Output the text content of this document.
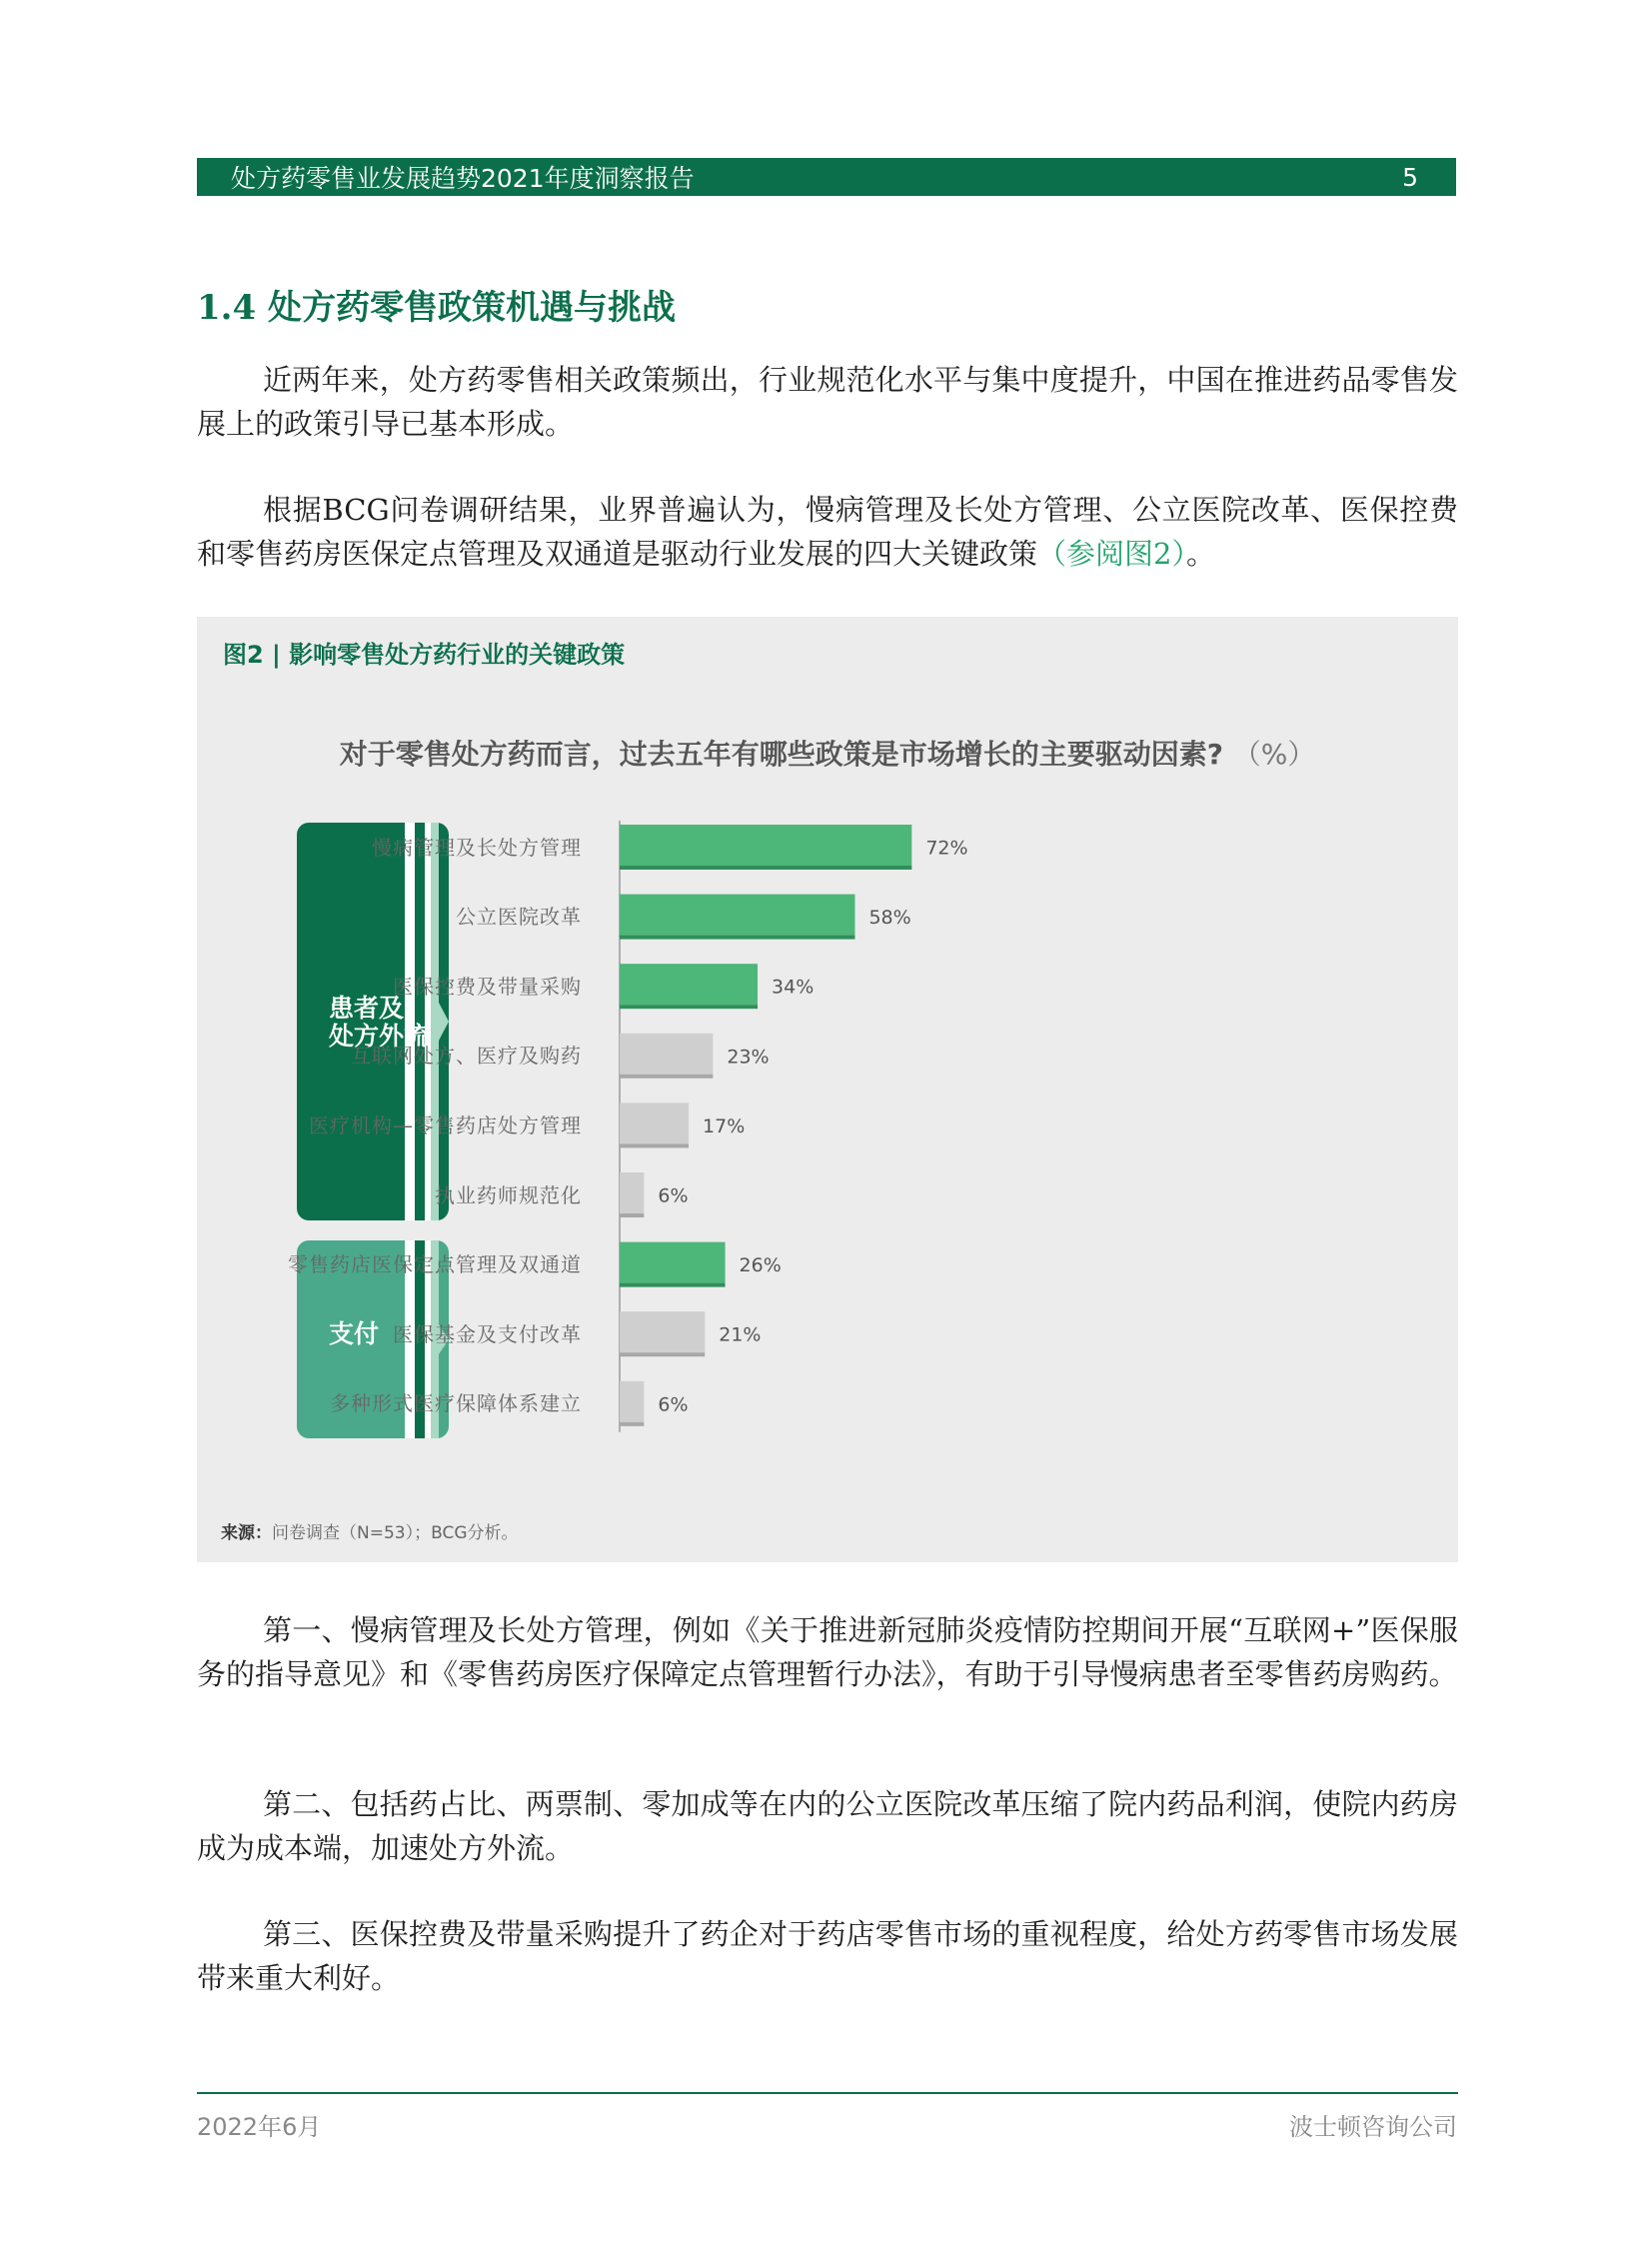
处方药零售业发展趋势2021年度洞察报告	5
1.4 处方药零售政策机遇与挑战

近两年来，处方药零售相关政策频出，行业规范化水平与集中度提升，中国在推进药品零售发展上的政策引导已基本形成。

根据BCG问卷调研结果，业界普遍认为，慢病管理及长处方管理、公立医院改革、医保控费和零售药房医保定点管理及双通道是驱动行业发展的四大关键政策（参阅图2）。

图2 | 影响零售处方药行业的关键政策
对于零售处方药而言，过去五年有哪些政策是市场增长的主要驱动因素? （%）
患者及
处方外流
支付
慢病管理及长处方管理
公立医院改革
医保控费及带量采购
互联网处方、医疗及购药
医疗机构—零售药店处方管理
执业药师规范化
零售药店医保定点管理及双通道
医保基金及支付改革
多种形式医疗保障体系建立
72%
58%
34%
23%
17%
6%
26%
21%
6%
来源：问卷调查（N=53）；BCG分析。

第一、慢病管理及长处方管理，例如《关于推进新冠肺炎疫情防控期间开展“互联网+”医保服务的指导意见》和《零售药房医疗保障定点管理暂行办法》，有助于引导慢病患者至零售药房购药。

第二、包括药占比、两票制、零加成等在内的公立医院改革压缩了院内药品利润，使院内药房成为成本端，加速处方外流。

第三、医保控费及带量采购提升了药企对于药店零售市场的重视程度，给处方药零售市场发展带来重大利好。

2022年6月	波士顿咨询公司
